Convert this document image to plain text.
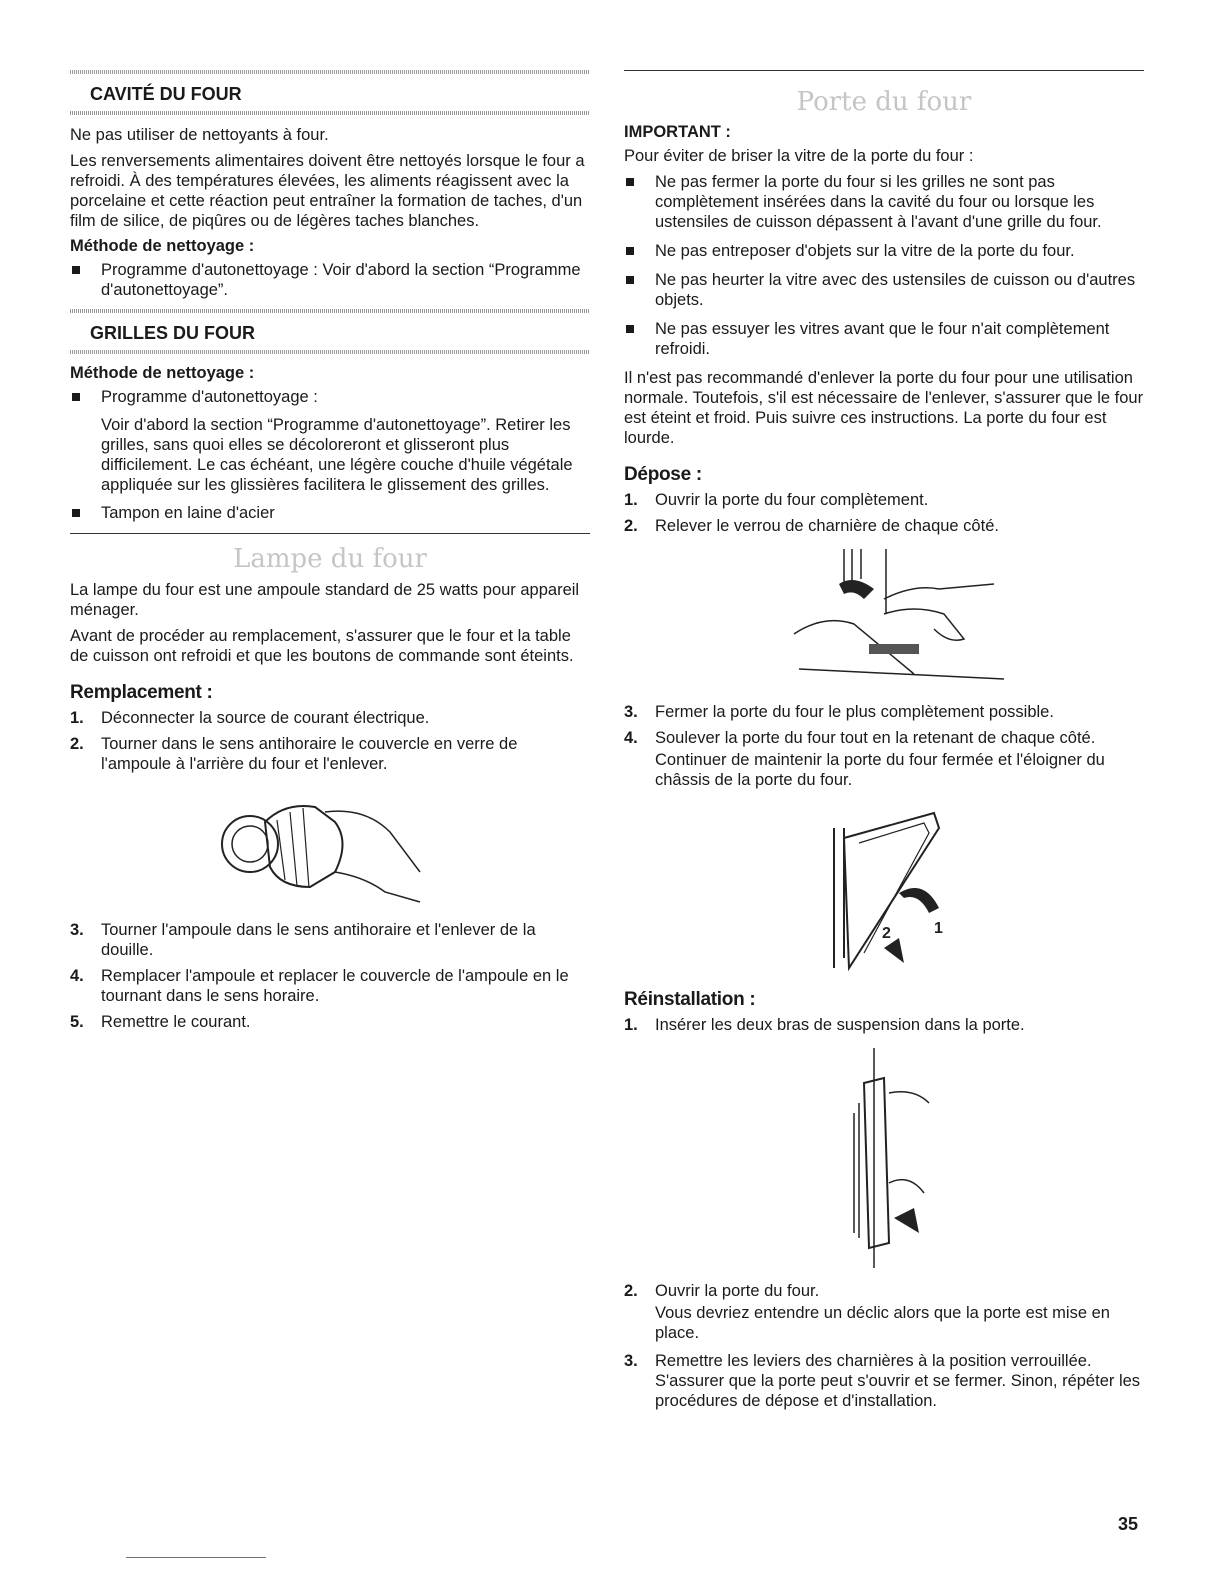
CAVITÉ DU FOUR

Ne pas utiliser de nettoyants à four.

Les renversements alimentaires doivent être nettoyés lorsque le four a refroidi. À des températures élevées, les aliments réagissent avec la porcelaine et cette réaction peut entraîner la formation de taches, d'un film de silice, de piqûres ou de légères taches blanches.

Méthode de nettoyage :
Programme d'autonettoyage : Voir d'abord la section “Programme d'autonettoyage”.
GRILLES DU FOUR
Méthode de nettoyage :
Programme d'autonettoyage :

Voir d'abord la section “Programme d'autonettoyage”. Retirer les grilles, sans quoi elles se décoloreront et glisseront plus difficilement. Le cas échéant, une légère couche d'huile végétale appliquée sur les glissières facilitera le glissement des grilles.

Tampon en laine d'acier
Lampe du four

La lampe du four est une ampoule standard de 25 watts pour appareil ménager.

Avant de procéder au remplacement, s'assurer que le four et la table de cuisson ont refroidi et que les boutons de commande sont éteints.

Remplacement :
1. Déconnecter la source de courant électrique.
2. Tourner dans le sens antihoraire le couvercle en verre de l'ampoule à l'arrière du four et l'enlever.
3. Tourner l'ampoule dans le sens antihoraire et l'enlever de la douille.
4. Remplacer l'ampoule et replacer le couvercle de l'ampoule en le tournant dans le sens horaire.
5. Remettre le courant.
Porte du four
IMPORTANT :

Pour éviter de briser la vitre de la porte du four :

Ne pas fermer la porte du four si les grilles ne sont pas complètement insérées dans la cavité du four ou lorsque les ustensiles de cuisson dépassent à l'avant d'une grille du four.
Ne pas entreposer d'objets sur la vitre de la porte du four.
Ne pas heurter la vitre avec des ustensiles de cuisson ou d'autres objets.
Ne pas essuyer les vitres avant que le four n'ait complètement refroidi.

Il n'est pas recommandé d'enlever la porte du four pour une utilisation normale. Toutefois, s'il est nécessaire de l'enlever, s'assurer que le four est éteint et froid. Puis suivre ces instructions. La porte du four est lourde.

Dépose :
1. Ouvrir la porte du four complètement.
2. Relever le verrou de charnière de chaque côté.
3. Fermer la porte du four le plus complètement possible.
4. Soulever la porte du four tout en la retenant de chaque côté.

Continuer de maintenir la porte du four fermée et l'éloigner du châssis de la porte du four.

1
2
Réinstallation :
1. Insérer les deux bras de suspension dans la porte.
2. Ouvrir la porte du four.

Vous devriez entendre un déclic alors que la porte est mise en place.

3. Remettre les leviers des charnières à la position verrouillée. S'assurer que la porte peut s'ouvrir et se fermer. Sinon, répéter les procédures de dépose et d'installation.
35
